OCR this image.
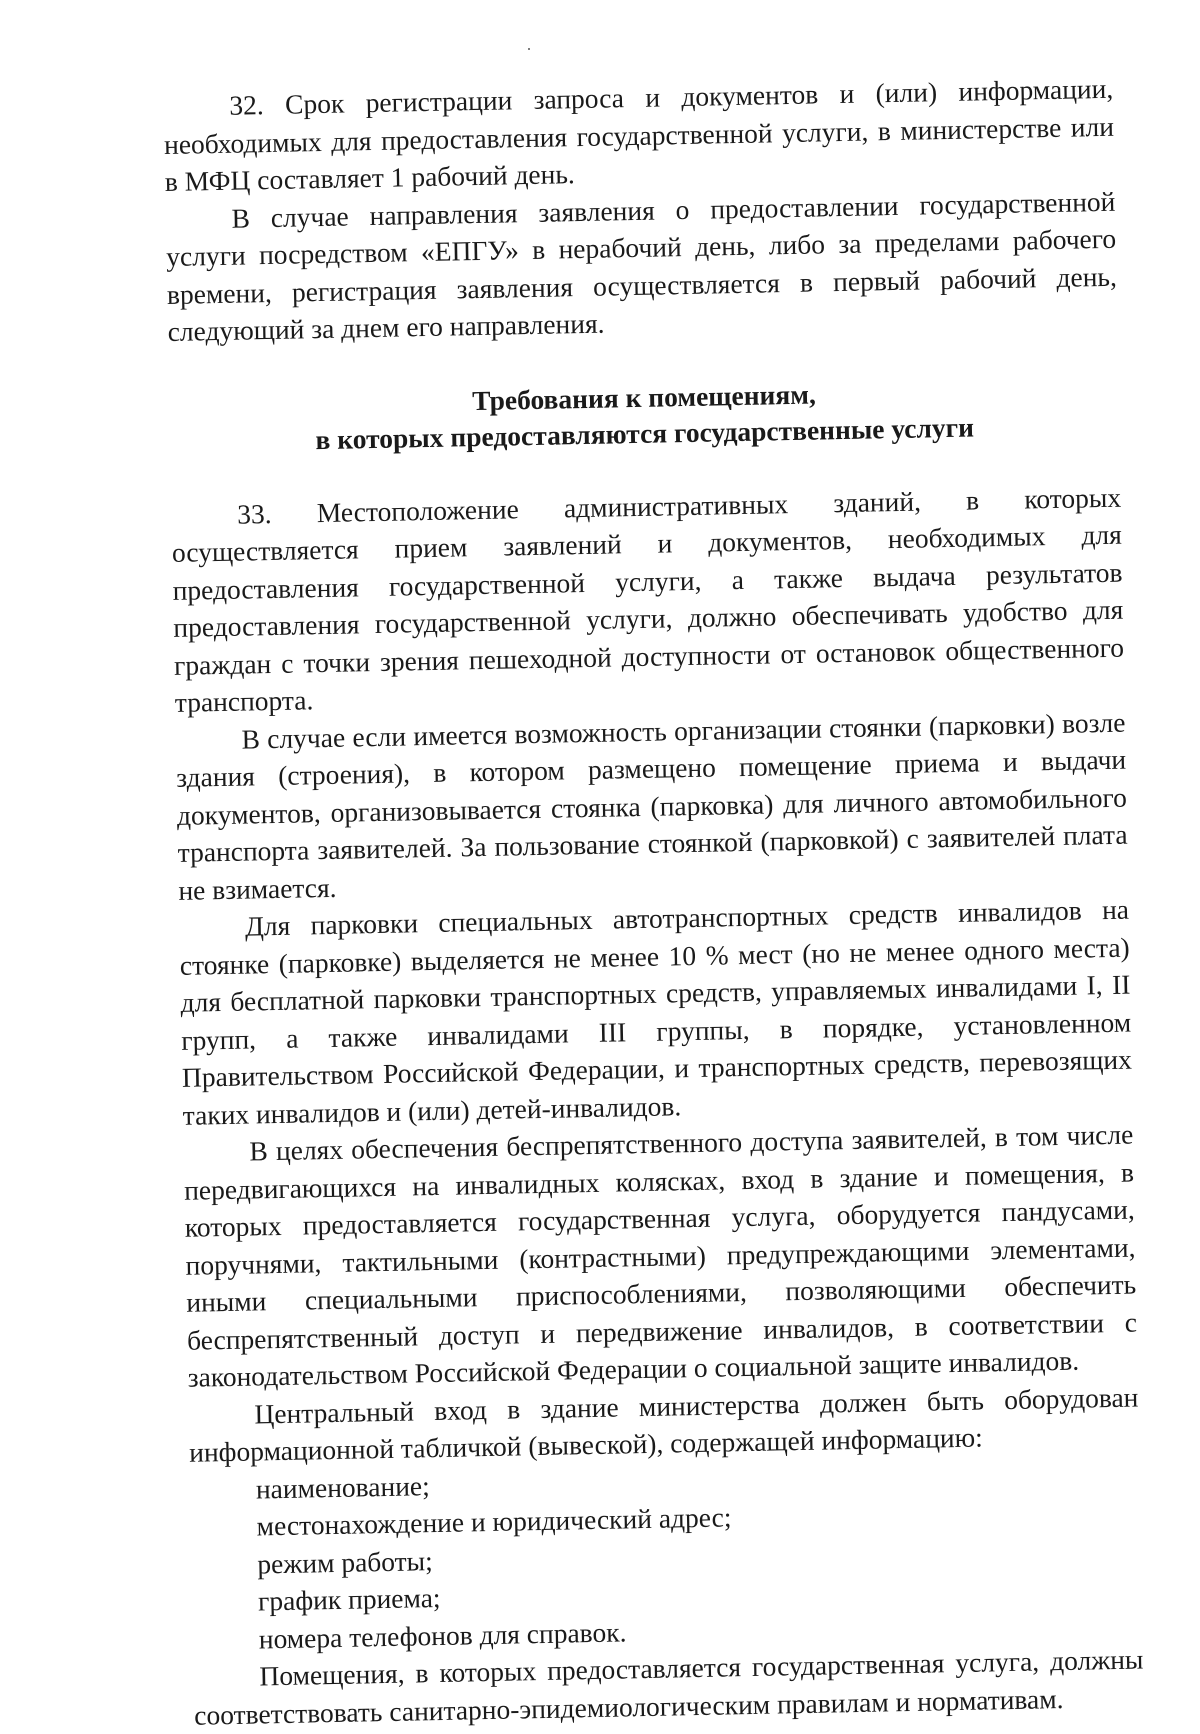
32. Срок регистрации запроса и документов и (или) информации, необходимых для предоставления государственной услуги, в министерстве или в МФЦ составляет 1 рабочий день.

В случае направления заявления о предоставлении государственной услуги посредством «ЕПГУ» в нерабочий день, либо за пределами рабочего времени, регистрация заявления осуществляется в первый рабочий день, следующий за днем его направления.

Требования к помещениям,
в которых предоставляются государственные услуги

33. Местоположение административных зданий, в которых осуществляется прием заявлений и документов, необходимых для предоставления государственной услуги, а также выдача результатов предоставления государственной услуги, должно обеспечивать удобство для граждан с точки зрения пешеходной доступности от остановок общественного транспорта.

В случае если имеется возможность организации стоянки (парковки) возле здания (строения), в котором размещено помещение приема и выдачи документов, организовывается стоянка (парковка) для личного автомобильного транспорта заявителей. За пользование стоянкой (парковкой) с заявителей плата не взимается.

Для парковки специальных автотранспортных средств инвалидов на стоянке (парковке) выделяется не менее 10 % мест (но не менее одного места) для бесплатной парковки транспортных средств, управляемых инвалидами I, II групп, а также инвалидами III группы, в порядке, установленном Правительством Российской Федерации, и транспортных средств, перевозящих таких инвалидов и (или) детей-инвалидов.

В целях обеспечения беспрепятственного доступа заявителей, в том числе передвигающихся на инвалидных колясках, вход в здание и помещения, в которых предоставляется государственная услуга, оборудуется пандусами, поручнями, тактильными (контрастными) предупреждающими элементами, иными специальными приспособлениями, позволяющими обеспечить беспрепятственный доступ и передвижение инвалидов, в соответствии с законодательством Российской Федерации о социальной защите инвалидов.

Центральный вход в здание министерства должен быть оборудован информационной табличкой (вывеской), содержащей информацию:

наименование;

местонахождение и юридический адрес;

режим работы;

график приема;

номера телефонов для справок.

Помещения, в которых предоставляется государственная услуга, должны соответствовать санитарно-эпидемиологическим правилам и нормативам.
